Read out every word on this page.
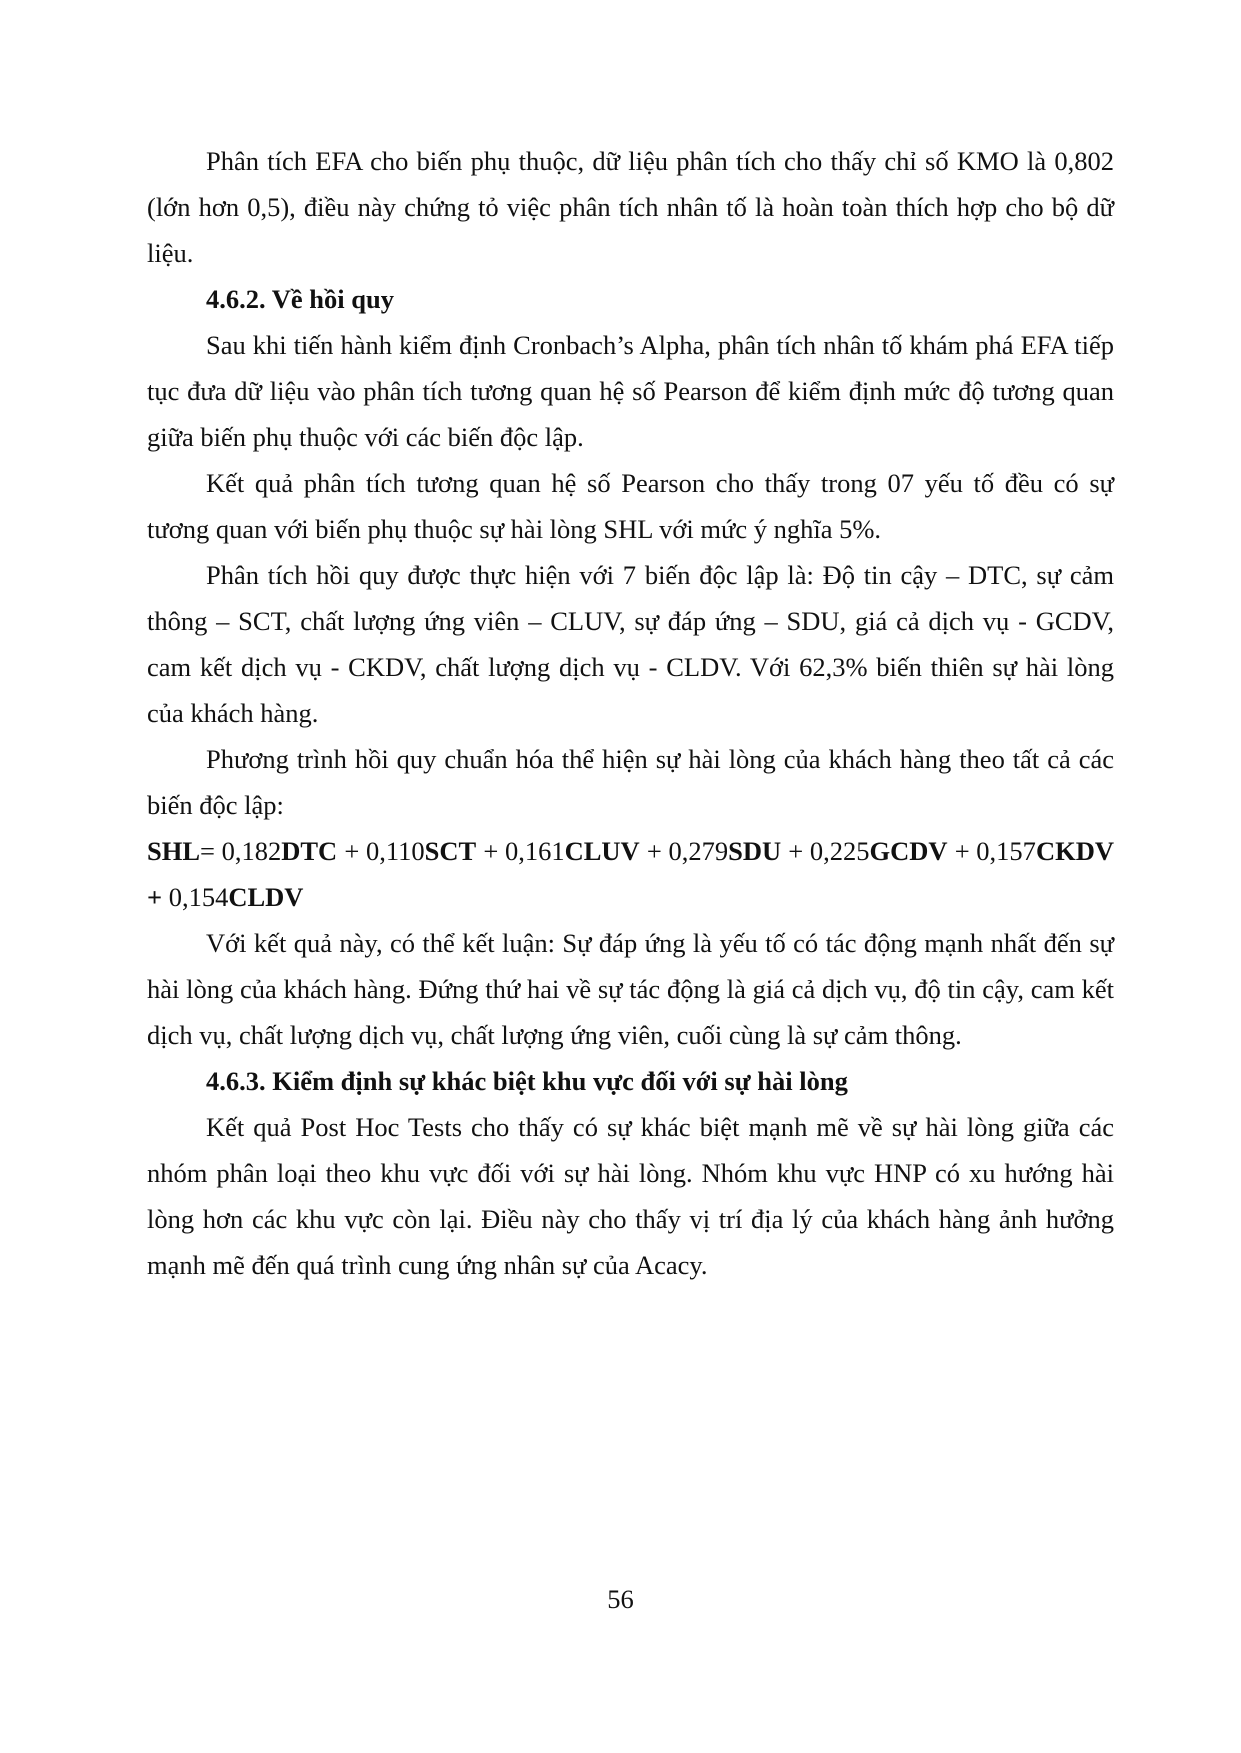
Phân tích EFA cho biến phụ thuộc, dữ liệu phân tích cho thấy chỉ số KMO là 0,802 (lớn hơn 0,5), điều này chứng tỏ việc phân tích nhân tố là hoàn toàn thích hợp cho bộ dữ liệu.

4.6.2. Về hồi quy

Sau khi tiến hành kiểm định Cronbach’s Alpha, phân tích nhân tố khám phá EFA tiếp tục đưa dữ liệu vào phân tích tương quan hệ số Pearson để kiểm định mức độ tương quan giữa biến phụ thuộc với các biến độc lập.

Kết quả phân tích tương quan hệ số Pearson cho thấy trong 07 yếu tố đều có sự tương quan với biến phụ thuộc sự hài lòng SHL với mức ý nghĩa 5%.

Phân tích hồi quy được thực hiện với 7 biến độc lập là: Độ tin cậy – DTC, sự cảm thông – SCT, chất lượng ứng viên – CLUV, sự đáp ứng – SDU, giá cả dịch vụ - GCDV, cam kết dịch vụ - CKDV, chất lượng dịch vụ - CLDV. Với 62,3% biến thiên sự hài lòng của khách hàng.

Phương trình hồi quy chuẩn hóa thể hiện sự hài lòng của khách hàng theo tất cả các biến độc lập:

SHL= 0,182DTC + 0,110SCT + 0,161CLUV + 0,279SDU + 0,225GCDV + 0,157CKDV
+ 0,154CLDV

Với kết quả này, có thể kết luận: Sự đáp ứng là yếu tố có tác động mạnh nhất đến sự hài lòng của khách hàng. Đứng thứ hai về sự tác động là giá cả dịch vụ, độ tin cậy, cam kết dịch vụ, chất lượng dịch vụ, chất lượng ứng viên, cuối cùng là sự cảm thông.

4.6.3. Kiểm định sự khác biệt khu vực đối với sự hài lòng

Kết quả Post Hoc Tests cho thấy có sự khác biệt mạnh mẽ về sự hài lòng giữa các nhóm phân loại theo khu vực đối với sự hài lòng. Nhóm khu vực HNP có xu hướng hài lòng hơn các khu vực còn lại. Điều này cho thấy vị trí địa lý của khách hàng ảnh hưởng mạnh mẽ đến quá trình cung ứng nhân sự của Acacy.

56
